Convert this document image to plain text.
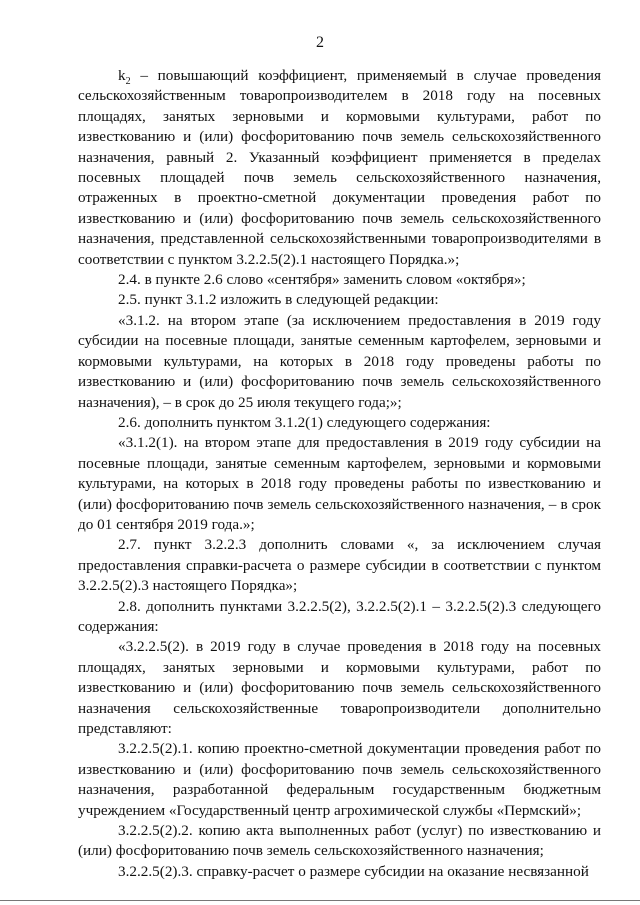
2

$k_2$ – повышающий коэффициент, применяемый в случае проведения сельскохозяйственным товаропроизводителем в 2018 году на посевных площадях, занятых зерновыми и кормовыми культурами, работ по известкованию и (или) фосфоритованию почв земель сельскохозяйственного назначения, равный 2. Указанный коэффициент применяется в пределах посевных площадей почв земель сельскохозяйственного назначения, отраженных в проектно-сметной документации проведения работ по известкованию и (или) фосфоритованию почв земель сельскохозяйственного назначения, представленной сельскохозяйственными товаропроизводителями в соответствии с пунктом 3.2.2.5(2).1 настоящего Порядка.»;

2.4. в пункте 2.6 слово «сентября» заменить словом «октября»;

2.5. пункт 3.1.2 изложить в следующей редакции:

«3.1.2. на втором этапе (за исключением предоставления в 2019 году субсидии на посевные площади, занятые семенным картофелем, зерновыми и кормовыми культурами, на которых в 2018 году проведены работы по известкованию и (или) фосфоритованию почв земель сельскохозяйственного назначения), – в срок до 25 июля текущего года;»;

2.6. дополнить пунктом 3.1.2(1) следующего содержания:

«3.1.2(1). на втором этапе для предоставления в 2019 году субсидии на посевные площади, занятые семенным картофелем, зерновыми и кормовыми культурами, на которых в 2018 году проведены работы по известкованию и (или) фосфоритованию почв земель сельскохозяйственного назначения, – в срок до 01 сентября 2019 года.»;

2.7. пункт 3.2.2.3 дополнить словами «, за исключением случая предоставления справки-расчета о размере субсидии в соответствии с пунктом 3.2.2.5(2).3 настоящего Порядка»;

2.8. дополнить пунктами 3.2.2.5(2), 3.2.2.5(2).1 – 3.2.2.5(2).3 следующего содержания:

«3.2.2.5(2). в 2019 году в случае проведения в 2018 году на посевных площадях, занятых зерновыми и кормовыми культурами, работ по известкованию и (или) фосфоритованию почв земель сельскохозяйственного назначения сельскохозяйственные товаропроизводители дополнительно представляют:

3.2.2.5(2).1. копию проектно-сметной документации проведения работ по известкованию и (или) фосфоритованию почв земель сельскохозяйственного назначения, разработанной федеральным государственным бюджетным учреждением «Государственный центр агрохимической службы «Пермский»;

3.2.2.5(2).2. копию акта выполненных работ (услуг) по известкованию и (или) фосфоритованию почв земель сельскохозяйственного назначения;

3.2.2.5(2).3. справку-расчет о размере субсидии на оказание несвязанной
